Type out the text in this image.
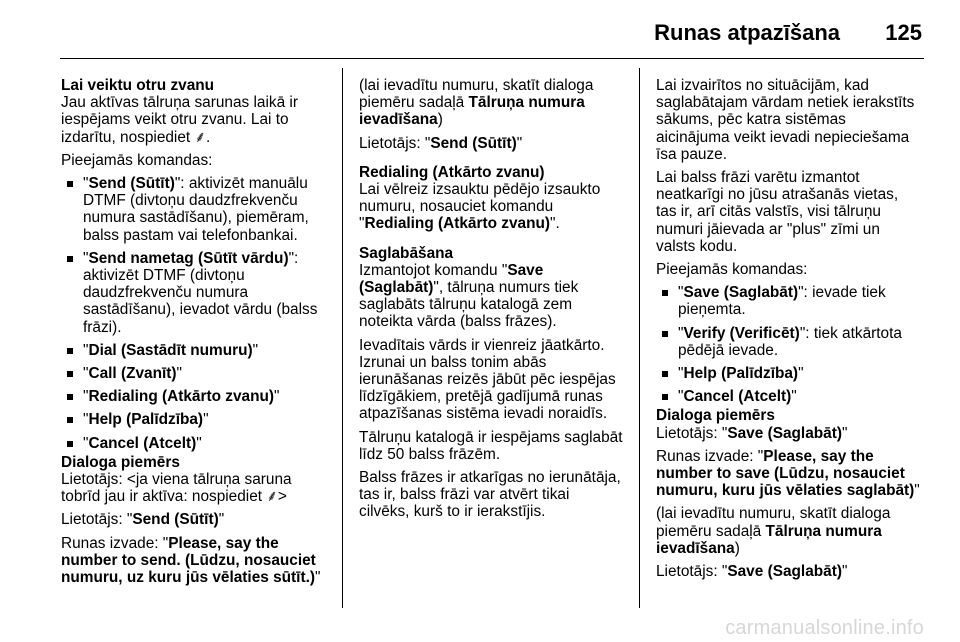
Runas atpazīšana 125

Lai veiktu otru zvanu

Jau aktīvas tālruņa sarunas laikā ir iespējams veikt otru zvanu. Lai to izdarītu, nospiediet ⸙.

Pieejamās komandas:

"Send (Sūtīt)": aktivizēt manuālu DTMF (divtoņu daudzfrekvenču numura sastādīšanu), piemēram, balss pastam vai telefonbankai.
"Send nametag (Sūtīt vārdu)": aktivizēt DTMF (divtoņu daudzfrekvenču numura sastādīšanu), ievadot vārdu (balss frāzi).
"Dial (Sastādīt numuru)"
"Call (Zvanīt)"
"Redialing (Atkārto zvanu)"
"Help (Palīdzība)"
"Cancel (Atcelt)"

Dialoga piemērs

Lietotājs: <ja viena tālruņa saruna tobrīd jau ir aktīva: nospiediet ⸙>

Lietotājs: "Send (Sūtīt)"

Runas izvade: "Please, say the number to send. (Lūdzu, nosauciet numuru, uz kuru jūs vēlaties sūtīt.)"

(lai ievadītu numuru, skatīt dialoga piemēru sadaļā Tālruņa numura ievadīšana)

Lietotājs: "Send (Sūtīt)"

Redialing (Atkārto zvanu)

Lai vēlreiz izsauktu pēdējo izsaukto numuru, nosauciet komandu "Redialing (Atkārto zvanu)".

Saglabāšana

Izmantojot komandu "Save (Saglabāt)", tālruņa numurs tiek saglabāts tālruņu katalogā zem noteikta vārda (balss frāzes).

Ievadītais vārds ir vienreiz jāatkārto. Izrunai un balss tonim abās ierunāšanas reizēs jābūt pēc iespējas līdzīgākiem, pretējā gadījumā runas atpazīšanas sistēma ievadi noraidīs.

Tālruņu katalogā ir iespējams saglabāt līdz 50 balss frāzēm.

Balss frāzes ir atkarīgas no ierunātāja, tas ir, balss frāzi var atvērt tikai cilvēks, kurš to ir ierakstījis.

Lai izvairītos no situācijām, kad saglabātajam vārdam netiek ierakstīts sākums, pēc katra sistēmas aicinājuma veikt ievadi nepieciešama īsa pauze.

Lai balss frāzi varētu izmantot neatkarīgi no jūsu atrašanās vietas, tas ir, arī citās valstīs, visi tālruņu numuri jāievada ar "plus" zīmi un valsts kodu.

Pieejamās komandas:

"Save (Saglabāt)": ievade tiek pieņemta.
"Verify (Verificēt)": tiek atkārtota pēdējā ievade.
"Help (Palīdzība)"
"Cancel (Atcelt)"

Dialoga piemērs

Lietotājs: "Save (Saglabāt)"

Runas izvade: "Please, say the number to save (Lūdzu, nosauciet numuru, kuru jūs vēlaties saglabāt)"

(lai ievadītu numuru, skatīt dialoga piemēru sadaļā Tālruņa numura ievadīšana)

Lietotājs: "Save (Saglabāt)"

carmanualsonline.info
